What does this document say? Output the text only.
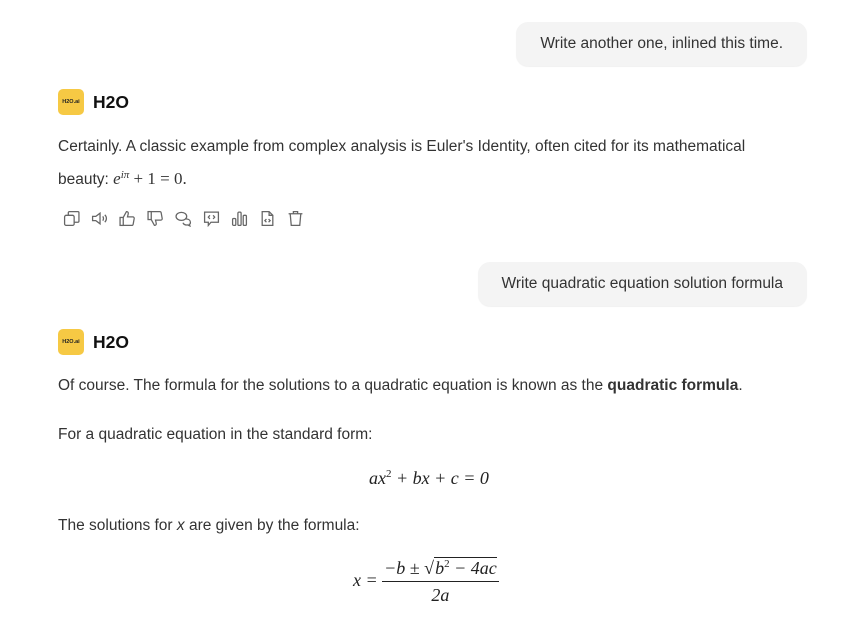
Write another one, inlined this time.
H2O.ai H2O
Certainly. A classic example from complex analysis is Euler's Identity, often cited for its mathematical beauty: $e^{i\pi} + 1 = 0$.
Write quadratic equation solution formula
H2O.ai H2O
Of course. The formula for the solutions to a quadratic equation is known as the quadratic formula.
For a quadratic equation in the standard form:
$ax^2$ + bx + c = 0
The solutions for x are given by the formula:
$x = \frac{-b \pm √b^2 - 4ac}{2a}$
